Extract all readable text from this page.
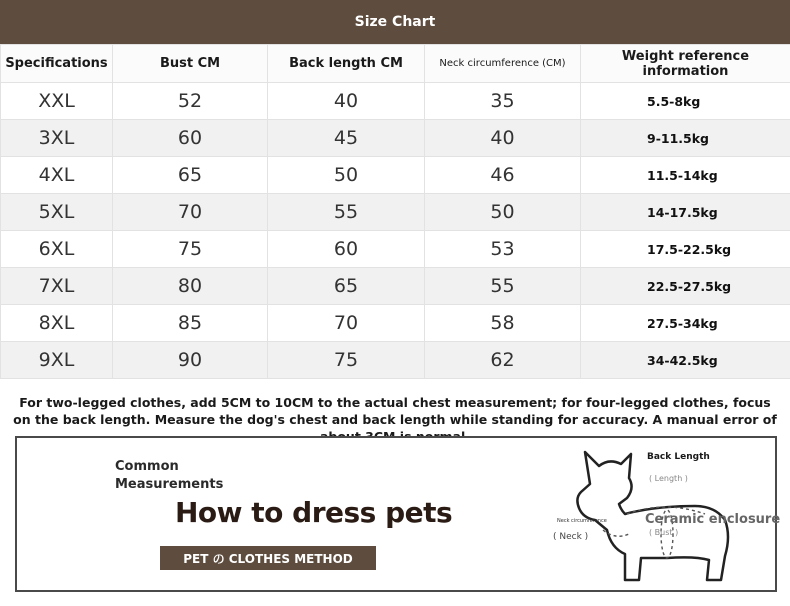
Size Chart
Specifications	Bust CM	Back length CM	Neck circumference (CM)	Weight reference information
XXL	52	40	35	5.5-8kg
3XL	60	45	40	9-11.5kg
4XL	65	50	46	11.5-14kg
5XL	70	55	50	14-17.5kg
6XL	75	60	53	17.5-22.5kg
7XL	80	65	55	22.5-27.5kg
8XL	85	70	58	27.5-34kg
9XL	90	75	62	34-42.5kg
For two-legged clothes, add 5CM to 10CM to the actual chest measurement; for four-legged clothes, focus on the back length. Measure the dog's chest and back length while standing for accuracy. A manual error of
Common Measurements
How to dress pets
PET の CLOTHES METHOD
Back Length
( Length )
Neck circumference
( Neck )
Ceramic enclosure
( Bust )
